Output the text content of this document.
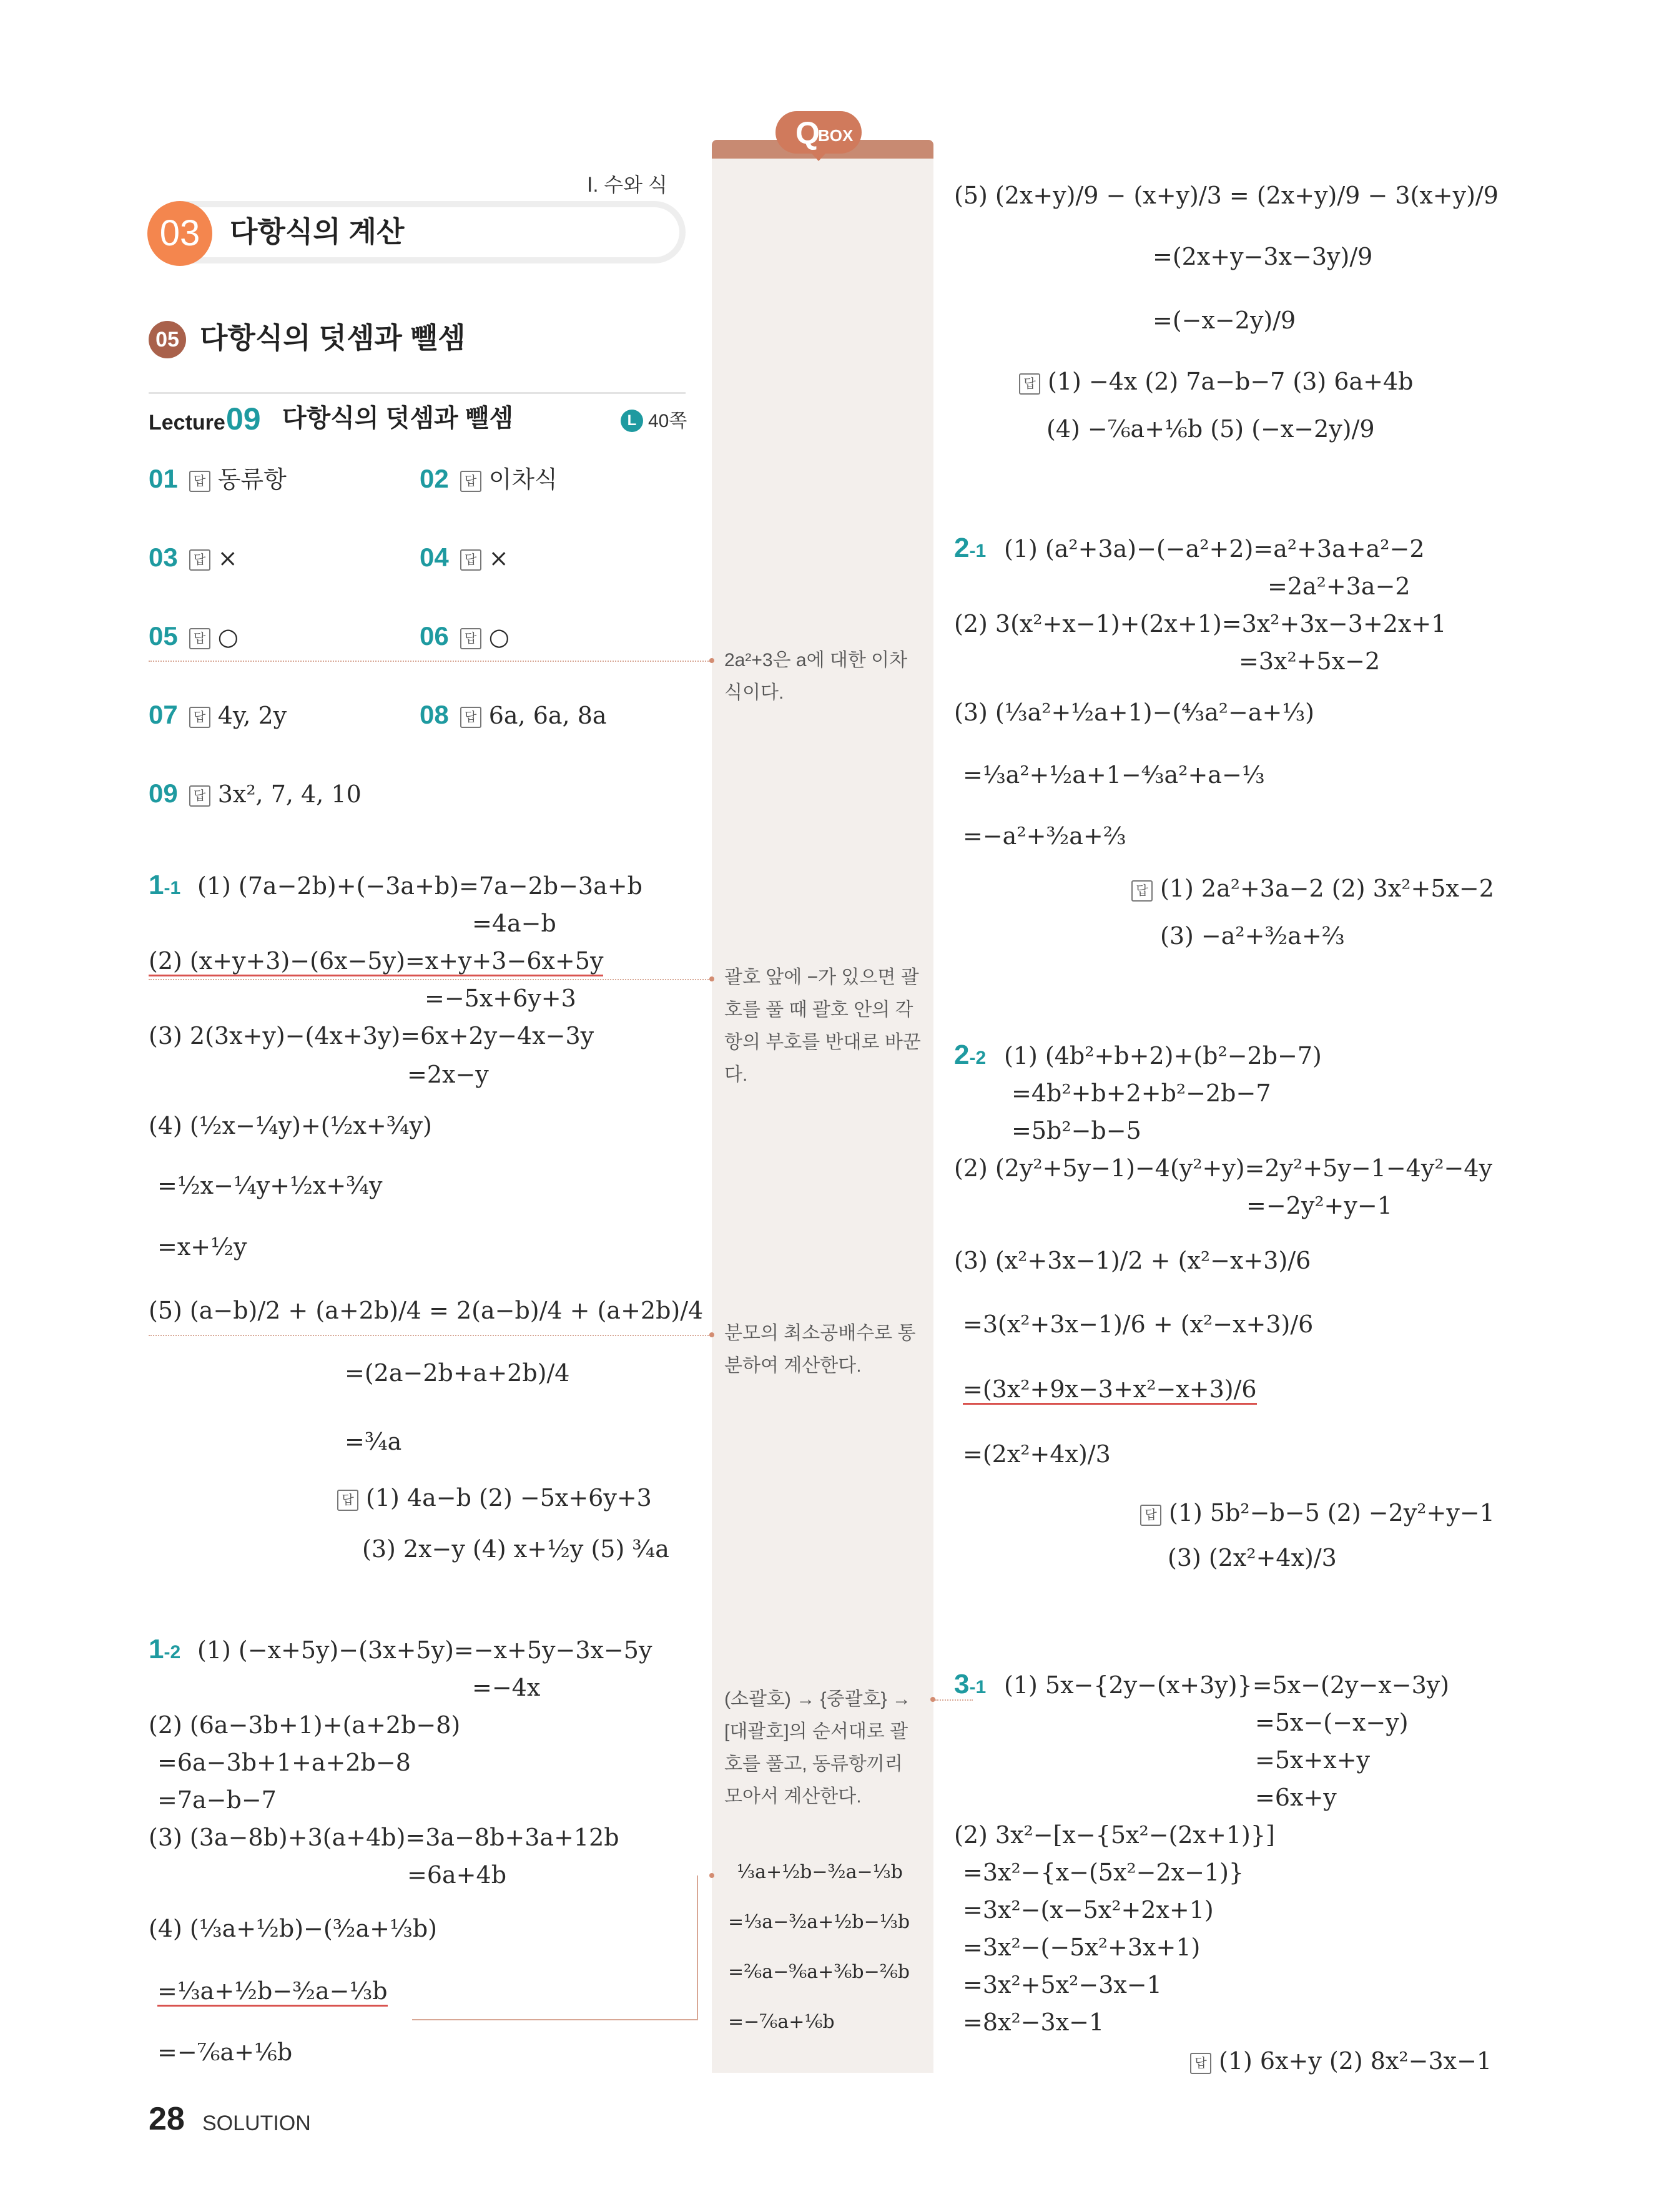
Ⅰ. 수와 식
03	다항식의 계산
05 다항식의 덧셈과 뺄셈
Lecture 09 다항식의 덧셈과 뺄셈	L 40쪽
01 답 동류항	02 답 이차식
03 답 ×	04 답 ×
05 답 ○	06 답 ○
07 답 4y, 2y	08 답 6a, 6a, 8a
09 답 3x², 7, 4, 10
1-1 (1) (7a−2b)+(−3a+b)=7a−2b−3a+b
=4a−b
(2) (x+y+3)−(6x−5y)=x+y+3−6x+5y
=−5x+6y+3
(3) 2(3x+y)−(4x+3y)=6x+2y−4x−3y
=2x−y
(4) (½x−¼y)+(½x+¾y)
=½x−¼y+½x+¾y
=x+½y
(5) (a−b)/2 + (a+2b)/4 = 2(a−b)/4 + (a+2b)/4
=(2a−2b+a+2b)/4
=¾a
답 (1) 4a−b (2) −5x+6y+3
(3) 2x−y (4) x+½y (5) ¾a
1-2 (1) (−x+5y)−(3x+5y)=−x+5y−3x−5y
=−4x
(2) (6a−3b+1)+(a+2b−8)
=6a−3b+1+a+2b−8
=7a−b−7
(3) (3a−8b)+3(a+4b)=3a−8b+3a+12b
=6a+4b
(4) (⅓a+½b)−(³⁄₂a+⅓b)
=⅓a+½b−³⁄₂a−⅓b
=−⁷⁄₆a+⅙b
Q
BOX
2a²+3은 a에 대한 이차식이다.
괄호 앞에 −가 있으면 괄호를 풀 때 괄호 안의 각 항의 부호를 반대로 바꾼다.
분모의 최소공배수로 통분하여 계산한다.
(소괄호) → {중괄호} → [대괄호]의 순서대로 괄호를 풀고, 동류항끼리 모아서 계산한다.
⅓a+½b−³⁄₂a−⅓b
=⅓a−³⁄₂a+½b−⅓b
=²⁄₆a−⁹⁄₆a+³⁄₆b−²⁄₆b
=−⁷⁄₆a+⅙b
(5) (2x+y)/9 − (x+y)/3 = (2x+y)/9 − 3(x+y)/9
=(2x+y−3x−3y)/9
=(−x−2y)/9
답 (1) −4x (2) 7a−b−7 (3) 6a+4b
(4) −⁷⁄₆a+⅙b (5) (−x−2y)/9
2-1 (1) (a²+3a)−(−a²+2)=a²+3a+a²−2
=2a²+3a−2
(2) 3(x²+x−1)+(2x+1)=3x²+3x−3+2x+1
=3x²+5x−2
(3) (⅓a²+½a+1)−(⁴⁄₃a²−a+⅓)
=⅓a²+½a+1−⁴⁄₃a²+a−⅓
=−a²+³⁄₂a+⅔
답 (1) 2a²+3a−2 (2) 3x²+5x−2
(3) −a²+³⁄₂a+⅔
2-2 (1) (4b²+b+2)+(b²−2b−7)
=4b²+b+2+b²−2b−7
=5b²−b−5
(2) (2y²+5y−1)−4(y²+y)=2y²+5y−1−4y²−4y
=−2y²+y−1
(3) (x²+3x−1)/2 + (x²−x+3)/6
=3(x²+3x−1)/6 + (x²−x+3)/6
=(3x²+9x−3+x²−x+3)/6
=(2x²+4x)/3
답 (1) 5b²−b−5 (2) −2y²+y−1
(3) (2x²+4x)/3
3-1 (1) 5x−{2y−(x+3y)}=5x−(2y−x−3y)
=5x−(−x−y)
=5x+x+y
=6x+y
(2) 3x²−[x−{5x²−(2x+1)}]
=3x²−{x−(5x²−2x−1)}
=3x²−(x−5x²+2x+1)
=3x²−(−5x²+3x+1)
=3x²+5x²−3x−1
=8x²−3x−1
답 (1) 6x+y (2) 8x²−3x−1
28 SOLUTION
